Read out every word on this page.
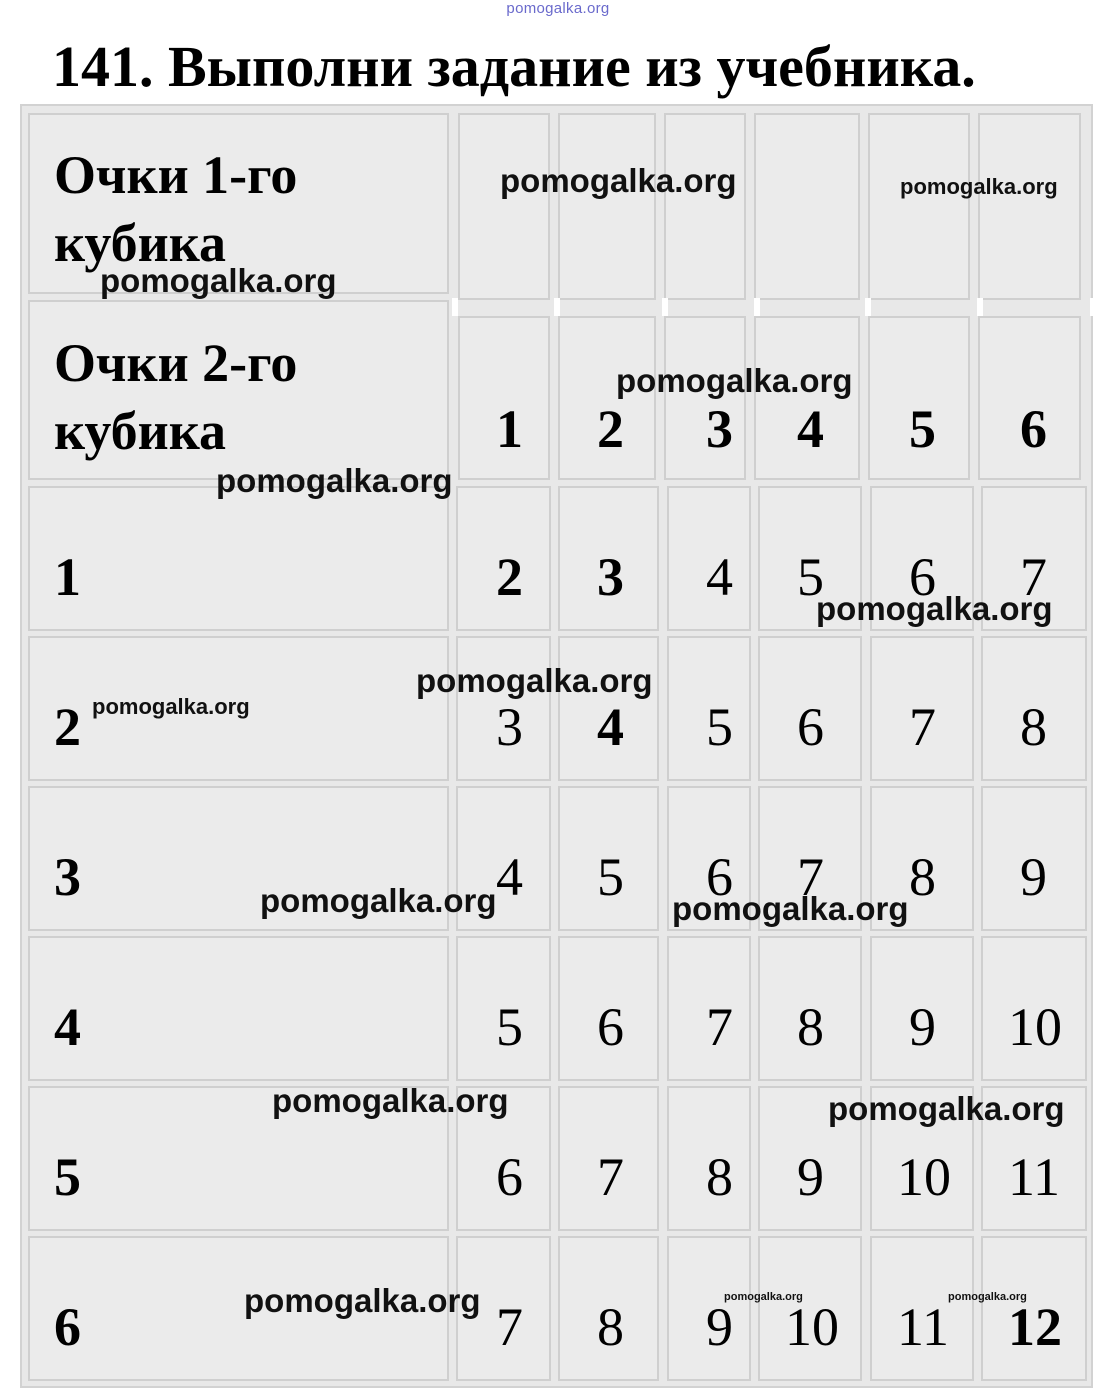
pomogalka.org
141. Выполни задание из учебника.
Очки 1-го
кубика
Очки 2-го
кубика	1 2 3 4 5 6
1	2 3 4 5 6 7
2	3 4 5 6 7 8
3	4 5 6 7 8 9
4	5 6 7 8 9 10
5	6 7 8 9 10 11
6	7 8 9 10 11 12
pomogalka.org	pomogalka.org
pomogalka.org
pomogalka.org
pomogalka.org
pomogalka.org
pomogalka.org
pomogalka.org
pomogalka.org	pomogalka.org
pomogalka.org	pomogalka.org
pomogalka.org	pomogalka.org	pomogalka.org
